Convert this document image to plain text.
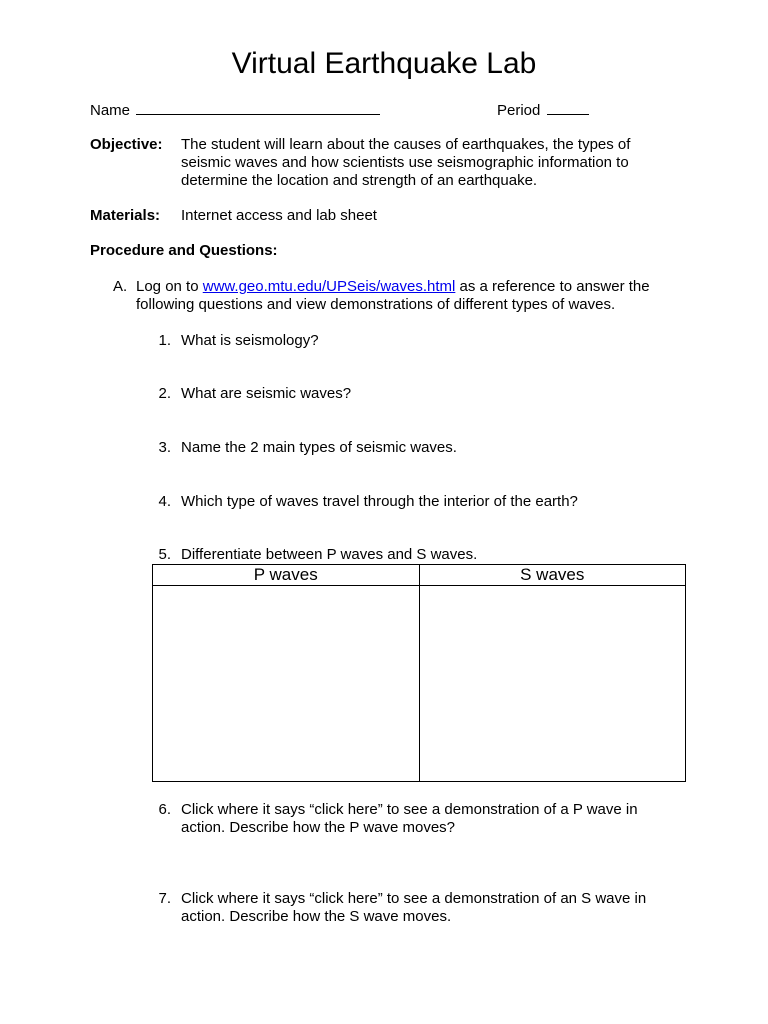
Virtual Earthquake Lab
Name	Period
Objective: The student will learn about the causes of earthquakes, the types of
seismic waves and how scientists use seismographic information to
determine the location and strength of an earthquake.
Materials: Internet access and lab sheet
Procedure and Questions:
A. Log on to www.geo.mtu.edu/UPSeis/waves.html as a reference to answer the
following questions and view demonstrations of different types of waves.
1. What is seismology?
2. What are seismic waves?
3. Name the 2 main types of seismic waves.
4. Which type of waves travel through the interior of the earth?
5. Differentiate between P waves and S waves.
P waves	S waves

6. Click where it says “click here” to see a demonstration of a P wave in
action. Describe how the P wave moves?
7. Click where it says “click here” to see a demonstration of an S wave in
action. Describe how the S wave moves.
